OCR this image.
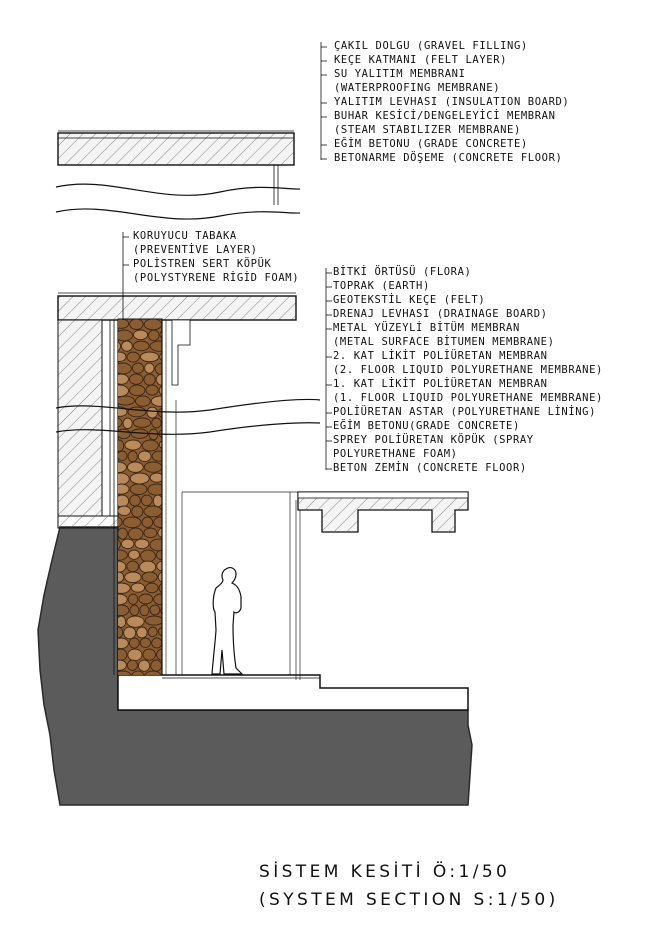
ÇAKIL DOLGU (GRAVEL FILLING)
KEÇE KATMANI (FELT LAYER)
SU YALITIM MEMBRANI
(WATERPROOFING MEMBRANE)
YALITIM LEVHASI (INSULATION BOARD)
BUHAR KESİCİ/DENGELEYİCİ MEMBRAN
(STEAM STABILIZER MEMBRANE)
EĞİM BETONU (GRADE CONCRETE)
BETONARME DÖŞEME (CONCRETE FLOOR)
KORUYUCU TABAKA
(PREVENTİVE LAYER)
POLİSTREN SERT KÖPÜK
(POLYSTYRENE RİGİD FOAM)	BİTKİ ÖRTÜSÜ (FLORA)
TOPRAK (EARTH)
GEOTEKSTİL KEÇE (FELT)
DRENAJ LEVHASI (DRAINAGE BOARD)
METAL YÜZEYLİ BİTÜM MEMBRAN
(METAL SURFACE BİTUMEN MEMBRANE)
2. KAT LİKİT POLİÜRETAN MEMBRAN
(2. FLOOR LIQUID POLYURETHANE MEMBRANE)
1. KAT LİKİT POLİÜRETAN MEMBRAN
(1. FLOOR LIQUID POLYURETHANE MEMBRANE)
POLİÜRETAN ASTAR (POLYURETHANE LİNİNG)
EĞİM BETONU(GRADE CONCRETE)
SPREY POLİÜRETAN KÖPÜK (SPRAY
POLYURETHANE FOAM)
BETON ZEMİN (CONCRETE FLOOR)
SİSTEM KESİTİ Ö:1/50
(SYSTEM SECTION S:1/50)
